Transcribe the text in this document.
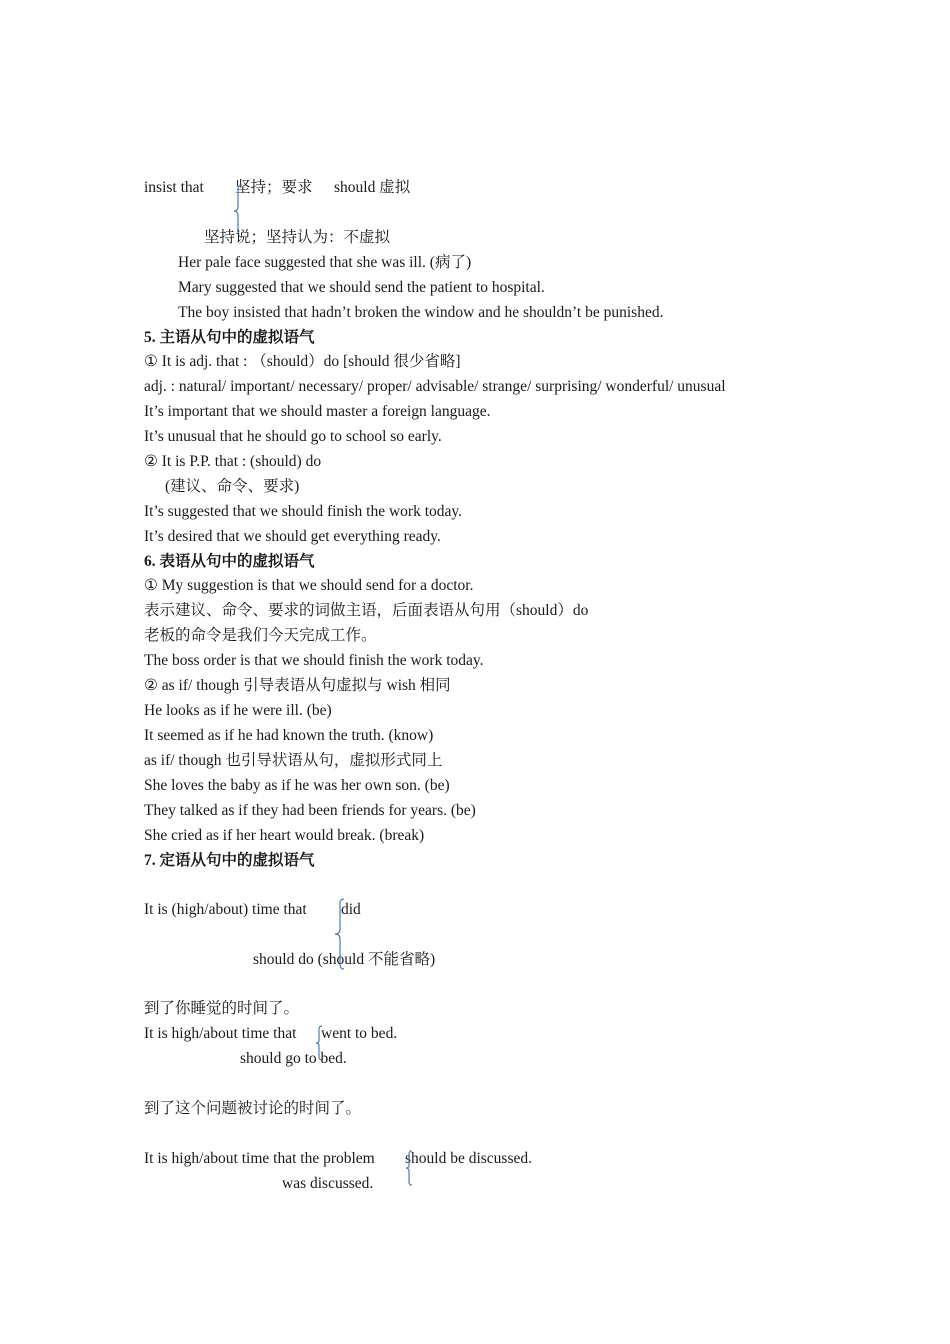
insist that 坚持；要求 should 虚拟
坚持说；坚持认为：不虚拟
Her pale face suggested that she was ill. (病了)
Mary suggested that we should send the patient to hospital.
The boy insisted that hadn’t broken the window and he shouldn’t be punished.
5. 主语从句中的虚拟语气
① It is adj. that : （should）do [should 很少省略]
adj. : natural/ important/ necessary/ proper/ advisable/ strange/ surprising/ wonderful/ unusual
It’s important that we should master a foreign language.
It’s unusual that he should go to school so early.
② It is P.P. that : (should) do
(建议、命令、要求)
It’s suggested that we should finish the work today.
It’s desired that we should get everything ready.
6. 表语从句中的虚拟语气
① My suggestion is that we should send for a doctor.
表示建议、命令、要求的词做主语，后面表语从句用（should）do
老板的命令是我们今天完成工作。
The boss order is that we should finish the work today.
② as if/ though 引导表语从句虚拟与 wish 相同
He looks as if he were ill. (be)
It seemed as if he had known the truth. (know)
as if/ though 也引导状语从句，虚拟形式同上
She loves the baby as if he was her own son. (be)
They talked as if they had been friends for years. (be)
She cried as if her heart would break. (break)
7. 定语从句中的虚拟语气
It is (high/about) time that did
should do (should 不能省略)
到了你睡觉的时间了。
It is high/about time that went to bed.
should go to bed.
到了这个问题被讨论的时间了。
It is high/about time that the problem should be discussed.
was discussed.
